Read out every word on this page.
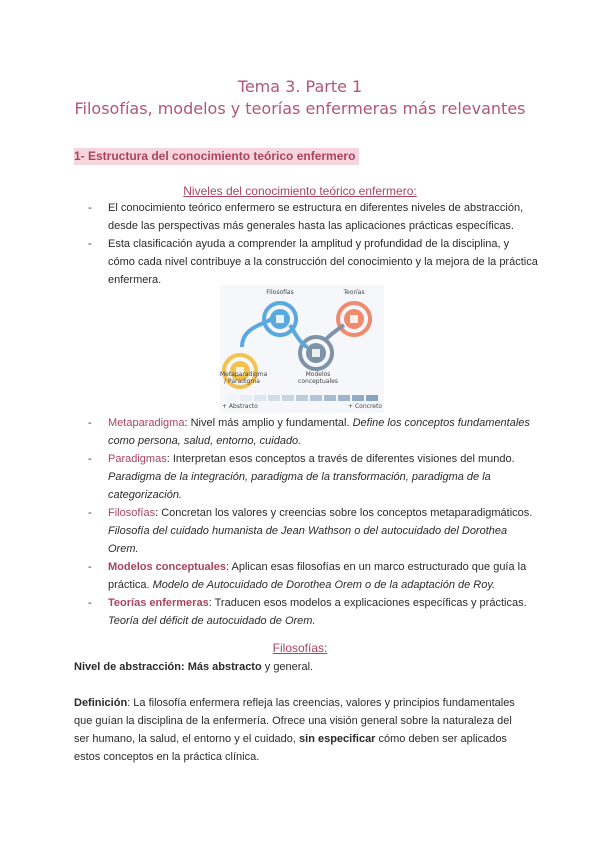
Tema 3. Parte 1
Filosofías, modelos y teorías enfermeras más relevantes
1- Estructura del conocimiento teórico enfermero
Niveles del conocimiento teórico enfermero:
- El conocimiento teórico enfermero se estructura en diferentes niveles de abstracción, desde las perspectivas más generales hasta las aplicaciones prácticas específicas.
- Esta clasificación ayuda a comprender la amplitud y profundidad de la disciplina, y cómo cada nivel contribuye a la construcción del conocimiento y la mejora de la práctica enfermera.
Filosofías	Teorías
Metaparadigma / Paradigma
Modelos conceptuales
+ Abstracto	+ Concreto
- Metaparadigma: Nivel más amplio y fundamental. Define los conceptos fundamentales como persona, salud, entorno, cuidado.
- Paradigmas: Interpretan esos conceptos a través de diferentes visiones del mundo. Paradigma de la integración, paradigma de la transformación, paradigma de la categorización.
- Filosofías: Concretan los valores y creencias sobre los conceptos metaparadigmáticos. Filosofía del cuidado humanista de Jean Wathson o del autocuidado del Dorothea Orem.
- Modelos conceptuales: Aplican esas filosofías en un marco estructurado que guía la práctica. Modelo de Autocuidado de Dorothea Orem o de la adaptación de Roy.
- Teorías enfermeras: Traducen esos modelos a explicaciones específicas y prácticas. Teoría del déficit de autocuidado de Orem.
Filosofías:
Nivel de abstracción: Más abstracto y general.
Definición: La filosofía enfermera refleja las creencias, valores y principios fundamentales que guían la disciplina de la enfermería. Ofrece una visión general sobre la naturaleza del ser humano, la salud, el entorno y el cuidado, sin especificar cómo deben ser aplicados estos conceptos en la práctica clínica.
